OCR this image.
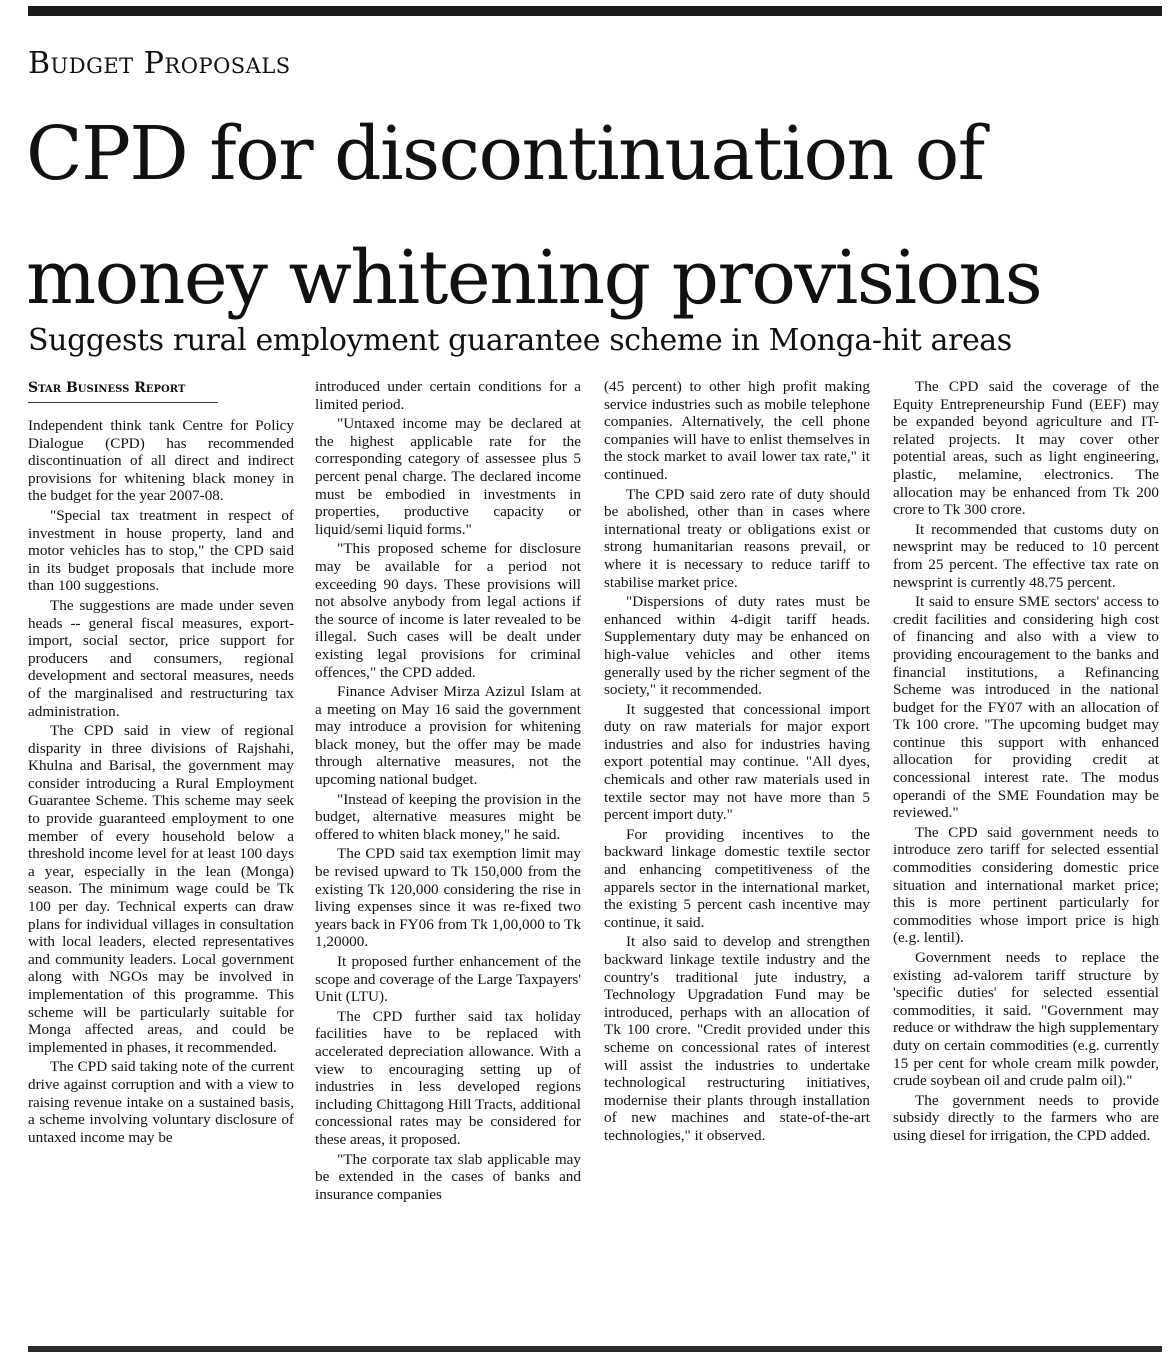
Budget Proposals
CPD for discontinuation of money whitening provisions
Suggests rural employment guarantee scheme in Monga-hit areas
Star Business Report

Independent think tank Centre for Policy Dialogue (CPD) has recommended discontinuation of all direct and indirect provisions for whitening black money in the budget for the year 2007-08.

"Special tax treatment in respect of investment in house property, land and motor vehicles has to stop," the CPD said in its budget proposals that include more than 100 suggestions.

The suggestions are made under seven heads -- general fiscal measures, export-import, social sector, price support for producers and consumers, regional development and sectoral measures, needs of the marginalised and restructuring tax administration.

The CPD said in view of regional disparity in three divisions of Rajshahi, Khulna and Barisal, the government may consider introducing a Rural Employment Guarantee Scheme. This scheme may seek to provide guaranteed employment to one member of every household below a threshold income level for at least 100 days a year, especially in the lean (Monga) season. The minimum wage could be Tk 100 per day. Technical experts can draw plans for individual villages in consultation with local leaders, elected representatives and community leaders. Local government along with NGOs may be involved in implementation of this programme. This scheme will be particularly suitable for Monga affected areas, and could be implemented in phases, it recommended.

The CPD said taking note of the current drive against corruption and with a view to raising revenue intake on a sustained basis, a scheme involving voluntary disclosure of untaxed income may be

introduced under certain conditions for a limited period.

"Untaxed income may be declared at the highest applicable rate for the corresponding category of assessee plus 5 percent penal charge. The declared income must be embodied in investments in properties, productive capacity or liquid/semi liquid forms."

"This proposed scheme for disclosure may be available for a period not exceeding 90 days. These provisions will not absolve anybody from legal actions if the source of income is later revealed to be illegal. Such cases will be dealt under existing legal provisions for criminal offences," the CPD added.

Finance Adviser Mirza Azizul Islam at a meeting on May 16 said the government may introduce a provision for whitening black money, but the offer may be made through alternative measures, not the upcoming national budget.

"Instead of keeping the provision in the budget, alternative measures might be offered to whiten black money," he said.

The CPD said tax exemption limit may be revised upward to Tk 150,000 from the existing Tk 120,000 considering the rise in living expenses since it was re-fixed two years back in FY06 from Tk 1,00,000 to Tk 1,20000.

It proposed further enhancement of the scope and coverage of the Large Taxpayers' Unit (LTU).

The CPD further said tax holiday facilities have to be replaced with accelerated depreciation allowance. With a view to encouraging setting up of industries in less developed regions including Chittagong Hill Tracts, additional concessional rates may be considered for these areas, it proposed.

"The corporate tax slab applicable may be extended in the cases of banks and insurance companies

(45 percent) to other high profit making service industries such as mobile telephone companies. Alternatively, the cell phone companies will have to enlist themselves in the stock market to avail lower tax rate," it continued.

The CPD said zero rate of duty should be abolished, other than in cases where international treaty or obligations exist or strong humanitarian reasons prevail, or where it is necessary to reduce tariff to stabilise market price.

"Dispersions of duty rates must be enhanced within 4-digit tariff heads. Supplementary duty may be enhanced on high-value vehicles and other items generally used by the richer segment of the society," it recommended.

It suggested that concessional import duty on raw materials for major export industries and also for industries having export potential may continue. "All dyes, chemicals and other raw materials used in textile sector may not have more than 5 percent import duty."

For providing incentives to the backward linkage domestic textile sector and enhancing competitiveness of the apparels sector in the international market, the existing 5 percent cash incentive may continue, it said.

It also said to develop and strengthen backward linkage textile industry and the country's traditional jute industry, a Technology Upgradation Fund may be introduced, perhaps with an allocation of Tk 100 crore. "Credit provided under this scheme on concessional rates of interest will assist the industries to undertake technological restructuring initiatives, modernise their plants through installation of new machines and state-of-the-art technologies," it observed.

The CPD said the coverage of the Equity Entrepreneurship Fund (EEF) may be expanded beyond agriculture and IT-related projects. It may cover other potential areas, such as light engineering, plastic, melamine, electronics. The allocation may be enhanced from Tk 200 crore to Tk 300 crore.

It recommended that customs duty on newsprint may be reduced to 10 percent from 25 percent. The effective tax rate on newsprint is currently 48.75 percent.

It said to ensure SME sectors' access to credit facilities and considering high cost of financing and also with a view to providing encouragement to the banks and financial institutions, a Refinancing Scheme was introduced in the national budget for the FY07 with an allocation of Tk 100 crore. "The upcoming budget may continue this support with enhanced allocation for providing credit at concessional interest rate. The modus operandi of the SME Foundation may be reviewed."

The CPD said government needs to introduce zero tariff for selected essential commodities considering domestic price situation and international market price; this is more pertinent particularly for commodities whose import price is high (e.g. lentil).

Government needs to replace the existing ad-valorem tariff structure by 'specific duties' for selected essential commodities, it said. "Government may reduce or withdraw the high supplementary duty on certain commodities (e.g. currently 15 per cent for whole cream milk powder, crude soybean oil and crude palm oil)."

The government needs to provide subsidy directly to the farmers who are using diesel for irrigation, the CPD added.
